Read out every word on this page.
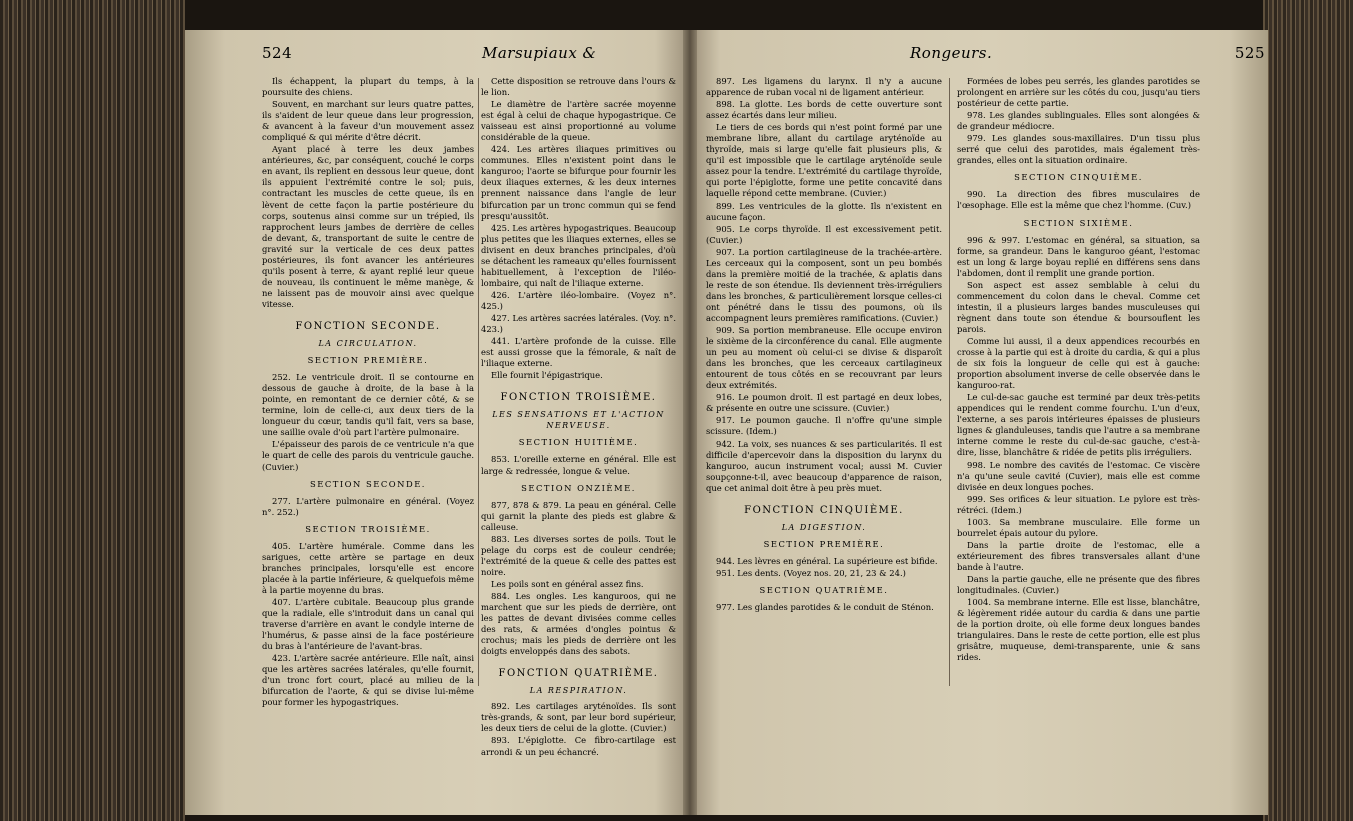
524	Marsupiaux &	Rongeurs.	525

Ils échappent, la plupart du temps, à la poursuite des chiens.

Souvent, en marchant sur leurs quatre pattes, ils s'aident de leur queue dans leur progression, & avancent à la faveur d'un mouvement assez compliqué & qui mérite d'être décrit.

Ayant placé à terre les deux jambes antérieures, &c, par conséquent, couché le corps en avant, ils replient en dessous leur queue, dont ils appuient l'extrémité contre le sol; puis, contractant les muscles de cette queue, ils en lèvent de cette façon la partie postérieure du corps, soutenus ainsi comme sur un trépied, ils rapprochent leurs jambes de derrière de celles de devant, &, transportant de suite le centre de gravité sur la verticale de ces deux pattes postérieures, ils font avancer les antérieures qu'ils posent à terre, & ayant replié leur queue de nouveau, ils continuent le même manège, & ne laissent pas de mouvoir ainsi avec quelque vitesse.

FONCTION SECONDE.

LA CIRCULATION.

SECTION PREMIÈRE.

252. Le ventricule droit. Il se contourne en dessous de gauche à droite, de la base à la pointe, en remontant de ce dernier côté, & se termine, loin de celle-ci, aux deux tiers de la longueur du cœur, tandis qu'il fait, vers sa base, une saillie ovale d'où part l'artère pulmonaire.

L'épaisseur des parois de ce ventricule n'a que le quart de celle des parois du ventricule gauche. (Cuvier.)

SECTION SECONDE.

277. L'artère pulmonaire en général. (Voyez n°. 252.)

SECTION TROISIÈME.

405. L'artère humérale. Comme dans les sarigues, cette artère se partage en deux branches principales, lorsqu'elle est encore placée à la partie inférieure, & quelquefois même à la partie moyenne du bras.

407. L'artère cubitale. Beaucoup plus grande que la radiale, elle s'introduit dans un canal qui traverse d'arrière en avant le condyle interne de l'humérus, & passe ainsi de la face postérieure du bras à l'antérieure de l'avant-bras.

423. L'artère sacrée antérieure. Elle naît, ainsi que les artères sacrées latérales, qu'elle fournit, d'un tronc fort court, placé au milieu de la bifurcation de l'aorte, & qui se divise lui-même pour former les hypogastriques.

Cette disposition se retrouve dans l'ours & le lion.

Le diamètre de l'artère sacrée moyenne est égal à celui de chaque hypogastrique. Ce vaisseau est ainsi proportionné au volume considérable de la queue.

424. Les artères iliaques primitives ou communes. Elles n'existent point dans le kanguroo; l'aorte se bifurque pour fournir les deux iliaques externes, & les deux internes prennent naissance dans l'angle de leur bifurcation par un tronc commun qui se fend presqu'aussitôt.

425. Les artères hypogastriques. Beaucoup plus petites que les iliaques externes, elles se divisent en deux branches principales, d'où se détachent les rameaux qu'elles fournissent habituellement, à l'exception de l'iléo-lombaire, qui naît de l'iliaque externe.

426. L'artère iléo-lombaire. (Voyez n°. 425.)

427. Les artères sacrées latérales. (Voy. n°. 423.)

441. L'artère profonde de la cuisse. Elle est aussi grosse que la fémorale, & naît de l'iliaque externe.

Elle fournit l'épigastrique.

FONCTION TROISIÈME.

LES SENSATIONS ET L'ACTION NERVEUSE.

SECTION HUITIÈME.

853. L'oreille externe en général. Elle est large & redressée, longue & velue.

SECTION ONZIÈME.

877, 878 & 879. La peau en général. Celle qui garnit la plante des pieds est glabre & calleuse.

883. Les diverses sortes de poils. Tout le pelage du corps est de couleur cendrée; l'extrémité de la queue & celle des pattes est noire.

Les poils sont en général assez fins.

884. Les ongles. Les kanguroos, qui ne marchent que sur les pieds de derrière, ont les pattes de devant divisées comme celles des rats, & armées d'ongles pointus & crochus; mais les pieds de derrière ont les doigts enveloppés dans des sabots.

FONCTION QUATRIÈME.

LA RESPIRATION.

892. Les cartilages aryténoïdes. Ils sont très-grands, & sont, par leur bord supérieur, les deux tiers de celui de la glotte. (Cuvier.)

893. L'épiglotte. Ce fibro-cartilage est arrondi & un peu échancré.

897. Les ligamens du larynx. Il n'y a aucune apparence de ruban vocal ni de ligament antérieur.

898. La glotte. Les bords de cette ouverture sont assez écartés dans leur milieu.

Le tiers de ces bords qui n'est point formé par une membrane libre, allant du cartilage aryténoïde au thyroïde, mais si large qu'elle fait plusieurs plis, & qu'il est impossible que le cartilage aryténoïde seule assez pour la tendre. L'extrémité du cartilage thyroïde, qui porte l'épiglotte, forme une petite concavité dans laquelle répond cette membrane. (Cuvier.)

899. Les ventricules de la glotte. Ils n'existent en aucune façon.

905. Le corps thyroïde. Il est excessivement petit. (Cuvier.)

907. La portion cartilagineuse de la trachée-artère. Les cerceaux qui la composent, sont un peu bombés dans la première moitié de la trachée, & aplatis dans le reste de son étendue. Ils deviennent très-irréguliers dans les bronches, & particulièrement lorsque celles-ci ont pénétré dans le tissu des poumons, où ils accompagnent leurs premières ramifications. (Cuvier.)

909. Sa portion membraneuse. Elle occupe environ le sixième de la circonférence du canal. Elle augmente un peu au moment où celui-ci se divise & disparoît dans les bronches, que les cerceaux cartilagineux entourent de tous côtés en se recouvrant par leurs deux extrémités.

916. Le poumon droit. Il est partagé en deux lobes, & présente en outre une scissure. (Cuvier.)

917. Le poumon gauche. Il n'offre qu'une simple scissure. (Idem.)

942. La voix, ses nuances & ses particularités. Il est difficile d'apercevoir dans la disposition du larynx du kanguroo, aucun instrument vocal; aussi M. Cuvier soupçonne-t-il, avec beaucoup d'apparence de raison, que cet animal doit être à peu près muet.

FONCTION CINQUIÈME.

LA DIGESTION.

SECTION PREMIÈRE.

944. Les lèvres en général. La supérieure est bifide.

951. Les dents. (Voyez nos. 20, 21, 23 & 24.)

SECTION QUATRIÈME.

977. Les glandes parotides & le conduit de Sténon.

Formées de lobes peu serrés, les glandes parotides se prolongent en arrière sur les côtés du cou, jusqu'au tiers postérieur de cette partie.

978. Les glandes sublinguales. Elles sont alongées & de grandeur médiocre.

979. Les glandes sous-maxillaires. D'un tissu plus serré que celui des parotides, mais également très-grandes, elles ont la situation ordinaire.

SECTION CINQUIÈME.

990. La direction des fibres musculaires de l'œsophage. Elle est la même que chez l'homme. (Cuv.)

SECTION SIXIÈME.

996 & 997. L'estomac en général, sa situation, sa forme, sa grandeur. Dans le kanguroo géant, l'estomac est un long & large boyau replié en différens sens dans l'abdomen, dont il remplit une grande portion.

Son aspect est assez semblable à celui du commencement du colon dans le cheval. Comme cet intestin, il a plusieurs larges bandes musculeuses qui règnent dans toute son étendue & boursouflent les parois.

Comme lui aussi, il a deux appendices recourbés en crosse à la partie qui est à droite du cardia, & qui a plus de six fois la longueur de celle qui est à gauche: proportion absolument inverse de celle observée dans le kanguroo-rat.

Le cul-de-sac gauche est terminé par deux très-petits appendices qui le rendent comme fourchu. L'un d'eux, l'externe, a ses parois intérieures épaisses de plusieurs lignes & glanduleuses, tandis que l'autre a sa membrane interne comme le reste du cul-de-sac gauche, c'est-à-dire, lisse, blanchâtre & ridée de petits plis irréguliers.

998. Le nombre des cavités de l'estomac. Ce viscère n'a qu'une seule cavité (Cuvier), mais elle est comme divisée en deux longues poches.

999. Ses orifices & leur situation. Le pylore est très-rétréci. (Idem.)

1003. Sa membrane musculaire. Elle forme un bourrelet épais autour du pylore.

Dans la partie droite de l'estomac, elle a extérieurement des fibres transversales allant d'une bande à l'autre.

Dans la partie gauche, elle ne présente que des fibres longitudinales. (Cuvier.)

1004. Sa membrane interne. Elle est lisse, blanchâtre, & légèrement ridée autour du cardia & dans une partie de la portion droite, où elle forme deux longues bandes triangulaires. Dans le reste de cette portion, elle est plus grisâtre, muqueuse, demi-transparente, unie & sans rides.
